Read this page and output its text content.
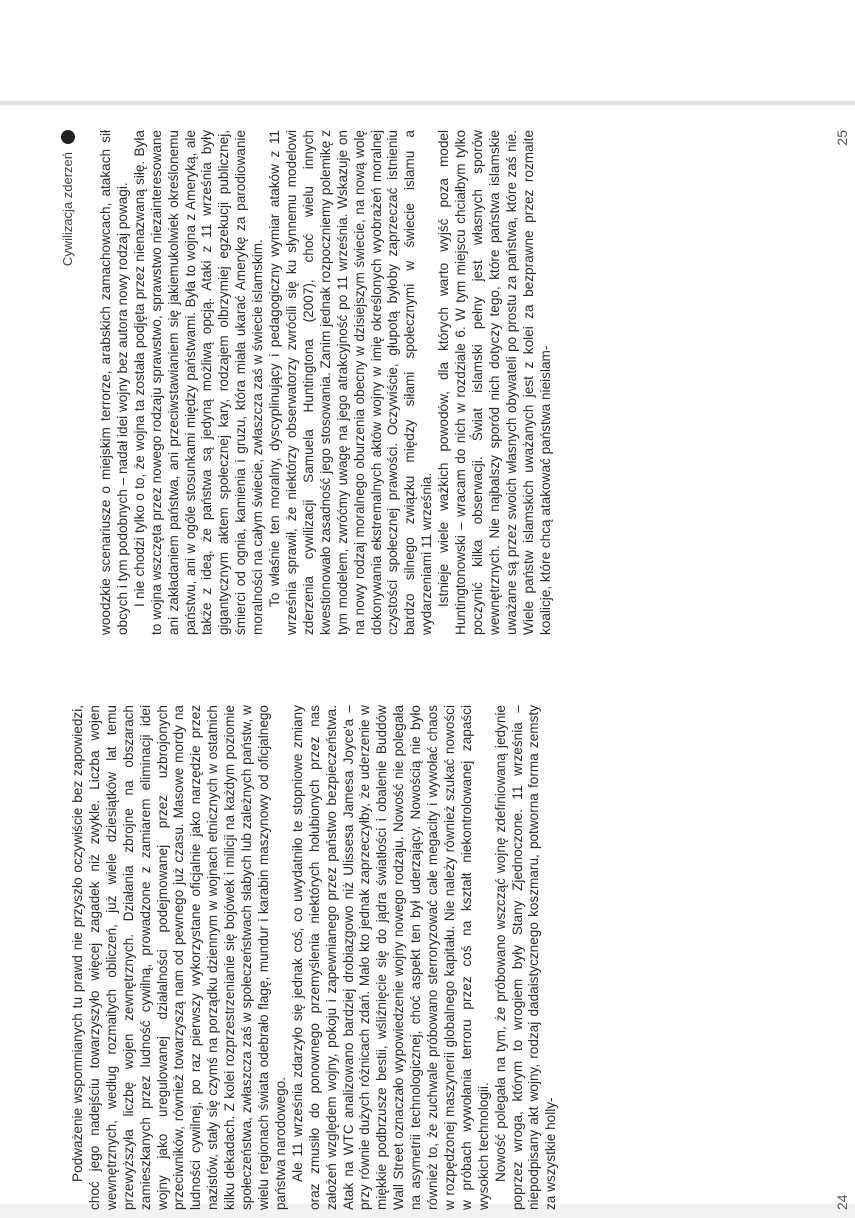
Podważenie wspomnianych tu prawd nie przyszło oczywiście bez zapowiedzi, choć jego nadejściu towarzyszyło więcej zagadek niż zwykle. Liczba wojen wewnętrznych, według rozmaitych obliczeń, już wiele dziesiątków lat temu przewyższyła liczbę wojen zewnętrznych. Działania zbrojne na obszarach zamieszkanych przez ludność cywilną, prowadzone z zamiarem eliminacji idei wojny jako uregulowanej działalności podejmowanej przez uzbrojonych przeciwników, również towarzyszą nam od pewnego już czasu. Masowe mordy na ludności cywilnej, po raz pierwszy wykorzystane oficjalnie jako narzędzie przez nazistów, stały się czymś na porządku dziennym w wojnach etnicznych w ostatnich kilku dekadach. Z kolei rozprzestrzenianie się bojówek i milicji na każdym poziomie społeczeństwa, zwłaszcza zaś w społeczeństwach słabych lub zależnych państw, w wielu regionach świata odebrało flagę, mundur i karabin maszynowy od oficjalnego państwa narodowego. Ale 11 września zdarzyło się jednak coś, co uwydatniło te stopniowe zmiany oraz zmusiło do ponownego przemyślenia niektórych hołubionych przez nas założeń względem wojny, pokoju i zapewnianego przez państwo bezpieczeństwa. Atak na WTC analizowano bardziej drobiazgowo niż Ulissesa Jamesa Joyce'a – przy równie dużych różnicach zdań. Mało kto jednak zaprzeczyłby, że uderzenie w miękkie podbrzusze bestii, wśliźnięcie się do jądra światłości i obalenie Buddów Wall Street oznaczało wypowiedzenie wojny nowego rodzaju. Nowość nie polegała na asymetrii technologicznej, choć aspekt ten był uderzający. Nowością nie było również to, że zuchwale próbowano sterroryzować całe megacity i wywołać chaos w rozpędzonej maszynerii globalnego kapitału. Nie należy również szukać nowości w próbach wywołania terroru przez coś na kształt niekontrolowanej zapaści wysokich technologii. Nowość polegała na tym, że próbowano wszcząć wojnę zdefiniowaną jedynie poprzez wroga, którym to wrogiem były Stany Zjednoczone. 11 września – niepodpisany akt wojny, rodzaj dadaistycznego koszmaru, potworna forma zemsty za wszystkie holly-	24
Cywilizacja zderzeń woodzkie scenariusze o miejskim terrorze, arabskich zamachowcach, atakach sił obcych i tym podobnych – nadał idei wojny bez autora nowy rodzaj powagi. I nie chodzi tylko o to, że wojna ta została podjęta przez nienazwaną siłę. Była to wojna wszczęta przez nowego rodzaju sprawstwo, sprawstwo niezainteresowane ani zakładaniem państwa, ani przeciwstawianiem się jakiemukolwiek określonemu państwu, ani w ogóle stosunkami między państwami. Była to wojna z Ameryką, ale także z ideą, że państwa są jedyną możliwą opcją. Ataki z 11 września były gigantycznym aktem społecznej kary, rodzajem olbrzymiej egzekucji publicznej, śmierci od ognia, kamienia i gruzu, która miała ukarać Amerykę za parodiowanie moralności na całym świecie, zwłaszcza zaś w świecie islamskim. To właśnie ten moralny, dyscyplinujący i pedagogiczny wymiar ataków z 11 września sprawił, że niektórzy obserwatorzy zwrócili się ku słynnemu modelowi zderzenia cywilizacji Samuela Huntingtona (2007), choć wielu innych kwestionowało zasadność jego stosowania. Zanim jednak rozpoczniemy polemikę z tym modelem, zwróćmy uwagę na jego atrakcyjność po 11 września. Wskazuje on na nowy rodzaj moralnego oburzenia obecny w dzisiejszym świecie, na nową wolę dokonywania ekstremalnych aktów wojny w imię określonych wyobrażeń moralnej czystości społecznej prawości. Oczywiście, głupotą byłoby zaprzeczać istnieniu bardzo silnego związku między siłami społecznymi w świecie islamu a wydarzeniami 11 września. Istnieje wiele ważkich powodów, dla których warto wyjść poza model Huntingtonowski – wracam do nich w rozdziale 6. W tym miejscu chciałbym tylko poczynić kilka obserwacji. Świat islamski pełny jest własnych sporów wewnętrznych. Nie najbalszy sporód nich dotyczy tego, które państwa islamskie uważane są przez swoich własnych obywateli po prostu za państwa, które zaś nie. Wiele państw islamskich uważanych jest z kolei za bezprawne przez rozmaite koalicje, które chcą atakować państwa nieislam-

25
